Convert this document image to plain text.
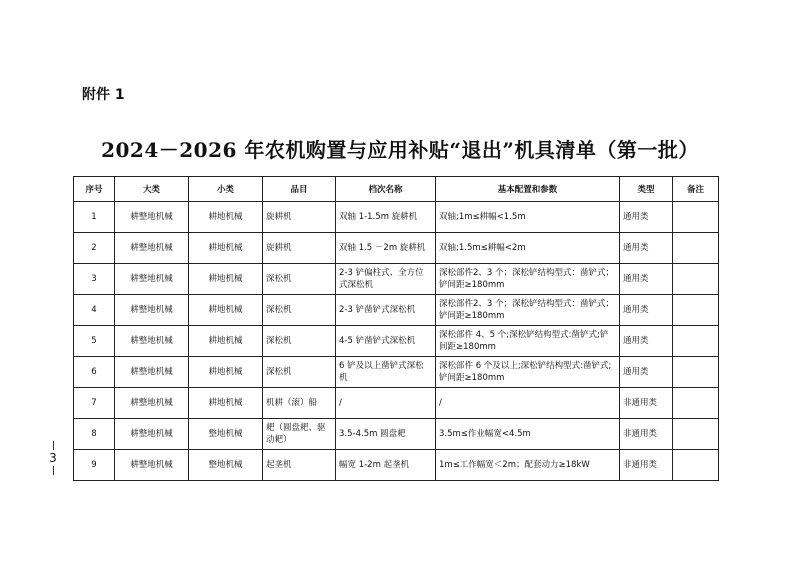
附件 1
2024－2026 年农机购置与应用补贴“退出”机具清单（第一批）
序号	大类	小类	品目	档次名称	基本配置和参数	类型	备注
1	耕整地机械	耕地机械	旋耕机	双轴 1-1.5m 旋耕机	双轴;1m≤耕幅<1.5m	通用类	
2	耕整地机械	耕地机械	旋耕机	双轴 1.5 －2m 旋耕机	双轴;1.5m≤耕幅<2m	通用类	
3	耕整地机械	耕地机械	深松机	2-3 铲偏柱式、全方位式深松机	深松部件2、3 个；深松铲结构型式：凿铲式；铲间距≥180mm	通用类	
4	耕整地机械	耕地机械	深松机	2-3 铲凿铲式深松机	深松部件2、3 个；深松铲结构型式：凿铲式；铲间距≥180mm	通用类	
5	耕整地机械	耕地机械	深松机	4-5 铲凿铲式深松机	深松部件 4、5 个;深松铲结构型式:凿铲式;铲间距≥180mm	通用类	
6	耕整地机械	耕地机械	深松机	6 铲及以上凿铲式深松机	深松部件 6 个及以上;深松铲结构型式:凿铲式;铲间距≥180mm	通用类	
7	耕整地机械	耕地机械	机耕（滚）船	/	/	非通用类	
8	耕整地机械	整地机械	耙（圆盘耙、驱动耙）	3.5-4.5m 圆盘耙	3.5m≤作业幅宽<4.5m	非通用类	
9	耕整地机械	整地机械	起垄机	幅宽 1-2m 起垄机	1m≤工作幅宽＜2m；配套动力≥18kW	非通用类	
3
